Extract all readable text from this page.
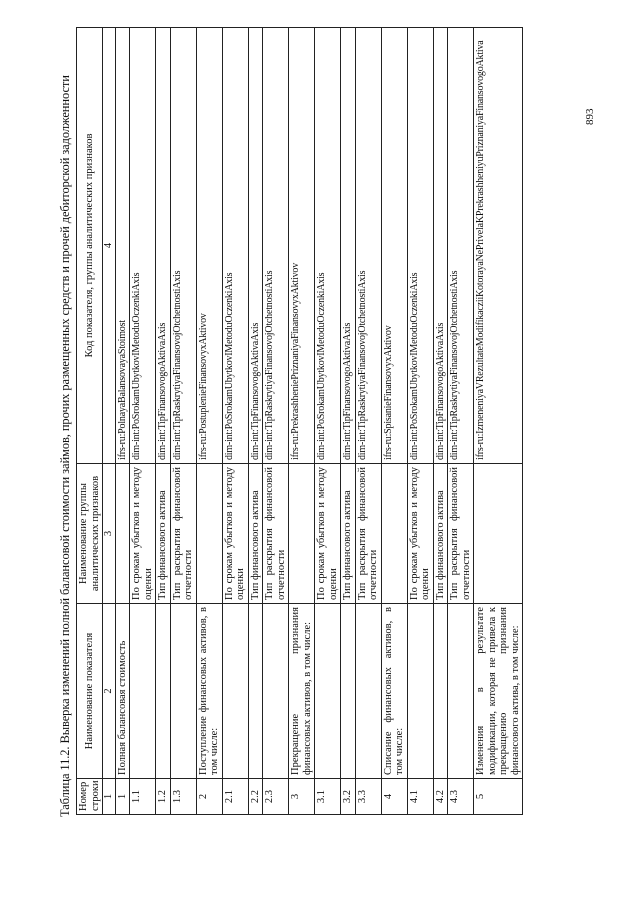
Таблица 11.2. Выверка изменений полной балансовой стоимости займов, прочих размещенных средств и прочей дебиторской задолженности Номер строки	Наименование показателя	Наименование группы аналитических признаков	Код показателя, группы аналитических признаков
1	2	3	4
1	Полная балансовая стоимость		ifrs-ru:PolnayaBalansovayaStoimost
1.1		По срокам убытков и методу оценки	dim-int:PoSrokamUbytkovIMetoduOczenkiAxis
1.2		Тип финансового актива	dim-int:TipFinansovogoAktivaAxis
1.3		Тип раскрытия финансовой отчетности	dim-int:TipRaskrytiyaFinansovojOtchetnostiAxis
2	Поступление финансовых активов, в том числе:		ifrs-ru:PostuplenieFinansovyxAktivov
2.1		По срокам убытков и методу оценки	dim-int:PoSrokamUbytkovIMetoduOczenkiAxis
2.2		Тип финансового актива	dim-int:TipFinansovogoAktivaAxis
2.3		Тип раскрытия финансовой отчетности	dim-int:TipRaskrytiyaFinansovojOtchetnostiAxis
3	Прекращение признания финансовых активов, в том числе:		ifrs-ru:PrekrashheniePriznaniyaFinansovyxAktivov
3.1		По срокам убытков и методу оценки	dim-int:PoSrokamUbytkovIMetoduOczenkiAxis
3.2		Тип финансового актива	dim-int:TipFinansovogoAktivaAxis
3.3		Тип раскрытия финансовой отчетности	dim-int:TipRaskrytiyaFinansovojOtchetnostiAxis
4	Списание финансовых активов, в том числе:		ifrs-ru:SpisanieFinansovyxAktivov
4.1		По срокам убытков и методу оценки	dim-int:PoSrokamUbytkovIMetoduOczenkiAxis
4.2		Тип финансового актива	dim-int:TipFinansovogoAktivaAxis
4.3		Тип раскрытия финансовой отчетности	dim-int:TipRaskrytiyaFinansovojOtchetnostiAxis
5	Изменения в результате модификации, которая не привела к прекращению признания финансового актива, в том числе:		ifrs-ru:IzmeneniyaVRezultateModifikacziiKotorayaNePrivelaKPrekrashheniyuPriznaniyaFinansovogoAktiva	893
